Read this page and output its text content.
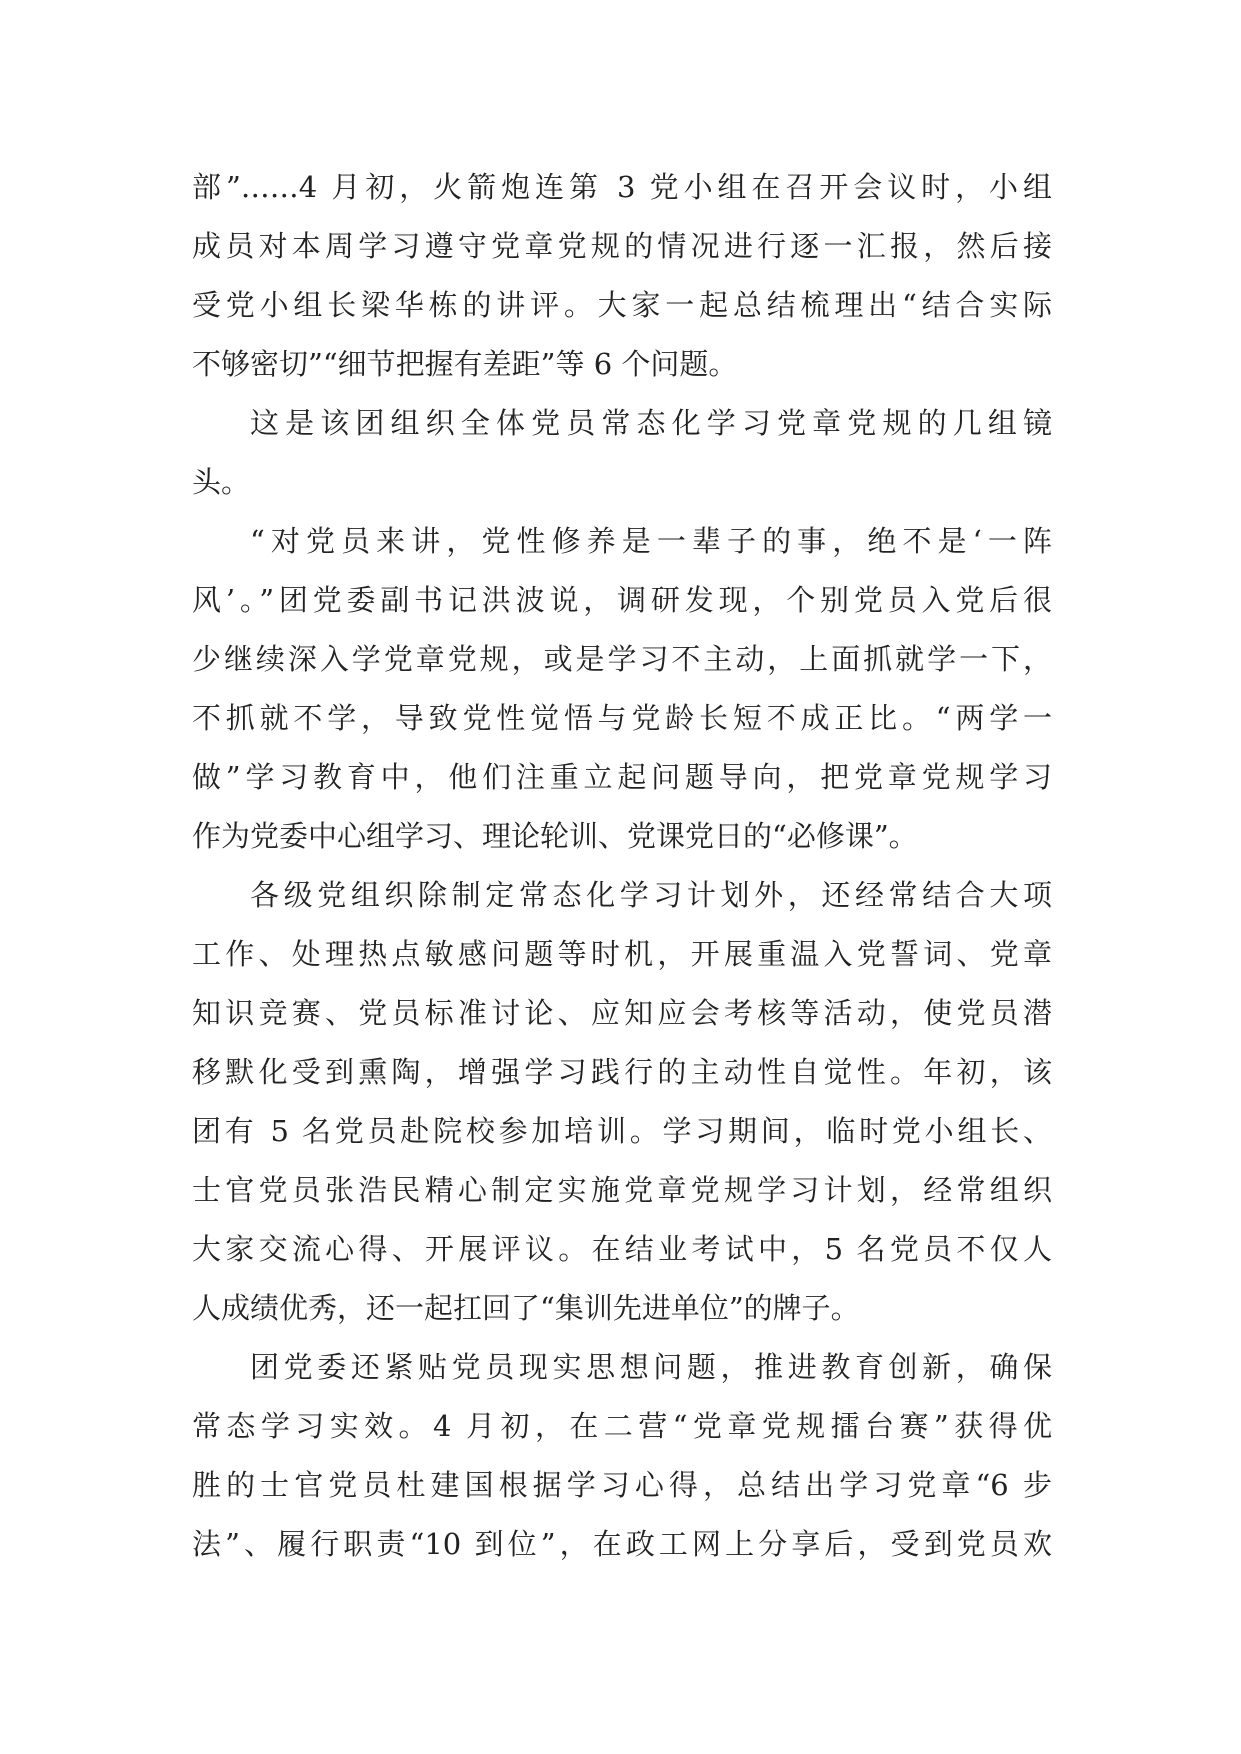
部”……4 月初，火箭炮连第 3 党小组在召开会议时，小组
成员对本周学习遵守党章党规的情况进行逐一汇报，然后接
受党小组长梁华栋的讲评。大家一起总结梳理出“结合实际
不够密切”“细节把握有差距”等 6 个问题。
这是该团组织全体党员常态化学习党章党规的几组镜
头。
“对党员来讲，党性修养是一辈子的事，绝不是‘一阵
风’。”团党委副书记洪波说，调研发现，个别党员入党后很
少继续深入学党章党规，或是学习不主动，上面抓就学一下，
不抓就不学，导致党性觉悟与党龄长短不成正比。“两学一
做”学习教育中，他们注重立起问题导向，把党章党规学习
作为党委中心组学习、理论轮训、党课党日的“必修课”。
各级党组织除制定常态化学习计划外，还经常结合大项
工作、处理热点敏感问题等时机，开展重温入党誓词、党章
知识竞赛、党员标准讨论、应知应会考核等活动，使党员潜
移默化受到熏陶，增强学习践行的主动性自觉性。年初，该
团有 5 名党员赴院校参加培训。学习期间，临时党小组长、
士官党员张浩民精心制定实施党章党规学习计划，经常组织
大家交流心得、开展评议。在结业考试中，5 名党员不仅人
人成绩优秀，还一起扛回了“集训先进单位”的牌子。
团党委还紧贴党员现实思想问题，推进教育创新，确保
常态学习实效。4 月初，在二营“党章党规擂台赛”获得优
胜的士官党员杜建国根据学习心得，总结出学习党章“6 步
法”、履行职责“10 到位”，在政工网上分享后，受到党员欢
